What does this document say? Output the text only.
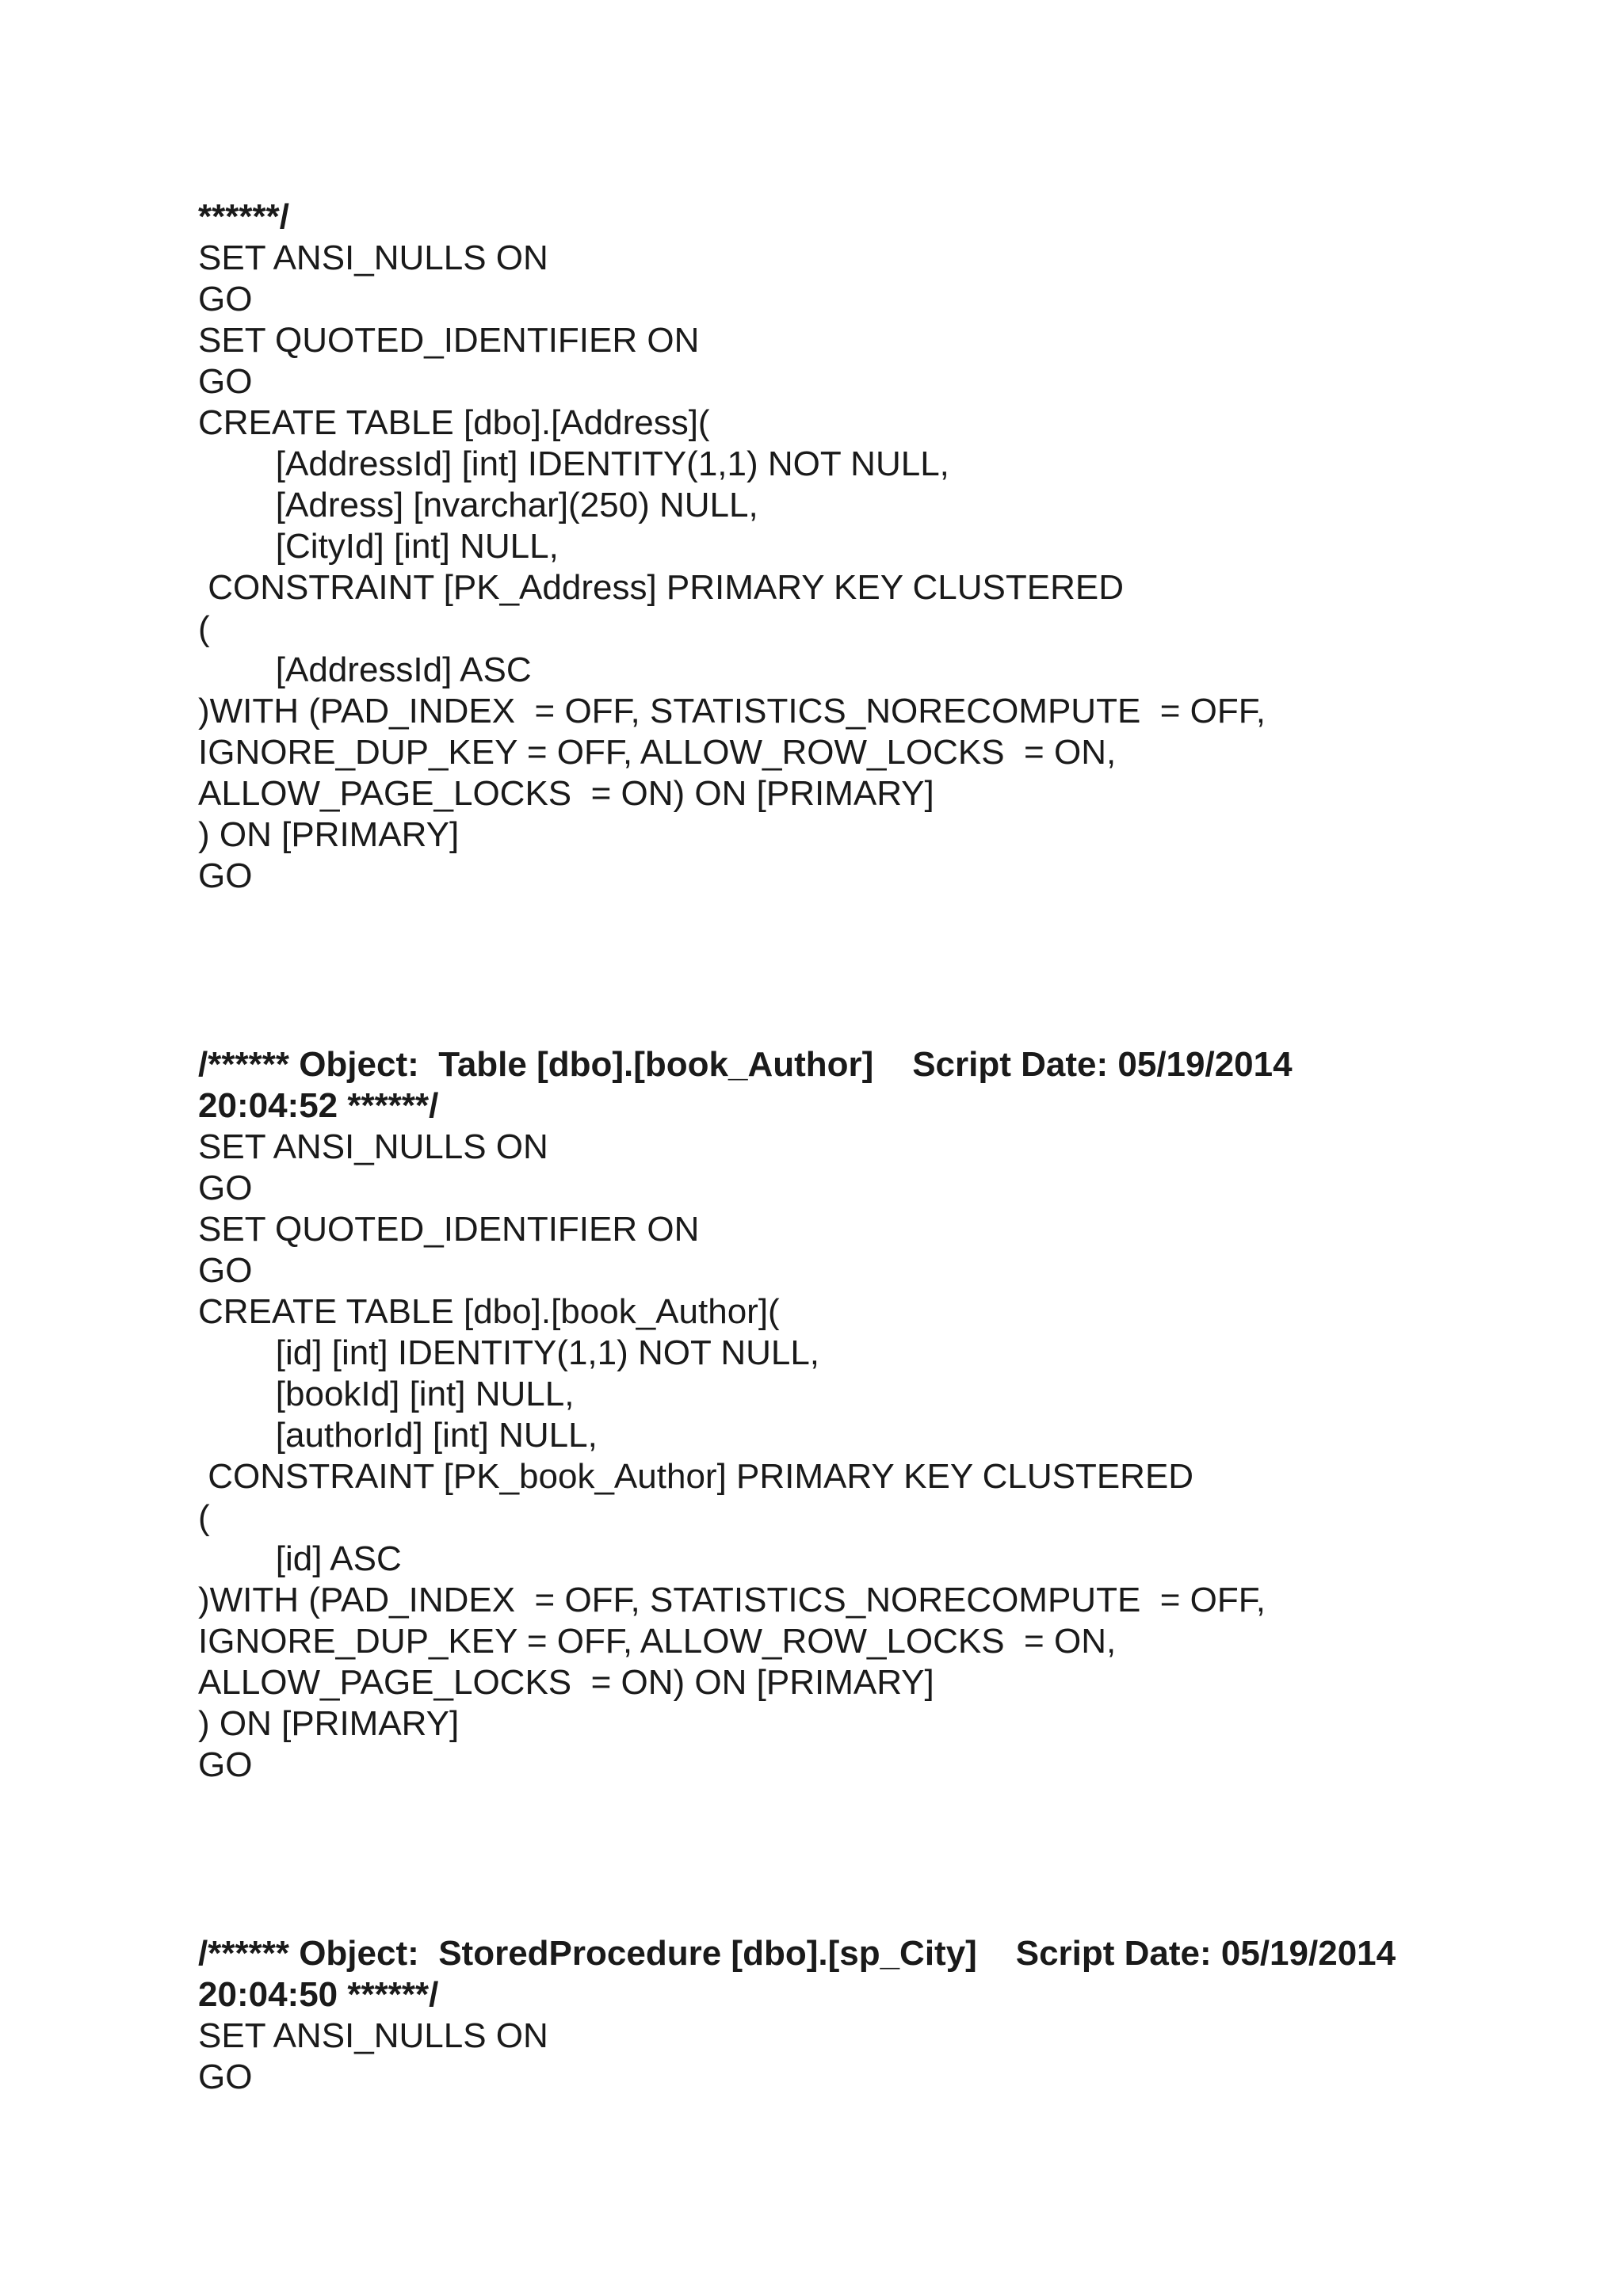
******/
SET ANSI_NULLS ON
GO
SET QUOTED_IDENTIFIER ON
GO
CREATE TABLE [dbo].[Address](
[AddressId] [int] IDENTITY(1,1) NOT NULL,
[Adress] [nvarchar](250) NULL,
[CityId] [int] NULL,
CONSTRAINT [PK_Address] PRIMARY KEY CLUSTERED
(
[AddressId] ASC
)WITH (PAD_INDEX  = OFF, STATISTICS_NORECOMPUTE  = OFF,
IGNORE_DUP_KEY = OFF, ALLOW_ROW_LOCKS  = ON,
ALLOW_PAGE_LOCKS  = ON) ON [PRIMARY]
) ON [PRIMARY]
GO
/****** Object:  Table [dbo].[book_Author]    Script Date: 05/19/2014
20:04:52 ******/
SET ANSI_NULLS ON
GO
SET QUOTED_IDENTIFIER ON
GO
CREATE TABLE [dbo].[book_Author](
[id] [int] IDENTITY(1,1) NOT NULL,
[bookId] [int] NULL,
[authorId] [int] NULL,
CONSTRAINT [PK_book_Author] PRIMARY KEY CLUSTERED
(
[id] ASC
)WITH (PAD_INDEX  = OFF, STATISTICS_NORECOMPUTE  = OFF,
IGNORE_DUP_KEY = OFF, ALLOW_ROW_LOCKS  = ON,
ALLOW_PAGE_LOCKS  = ON) ON [PRIMARY]
) ON [PRIMARY]
GO
/****** Object:  StoredProcedure [dbo].[sp_City]    Script Date: 05/19/2014
20:04:50 ******/
SET ANSI_NULLS ON
GO
